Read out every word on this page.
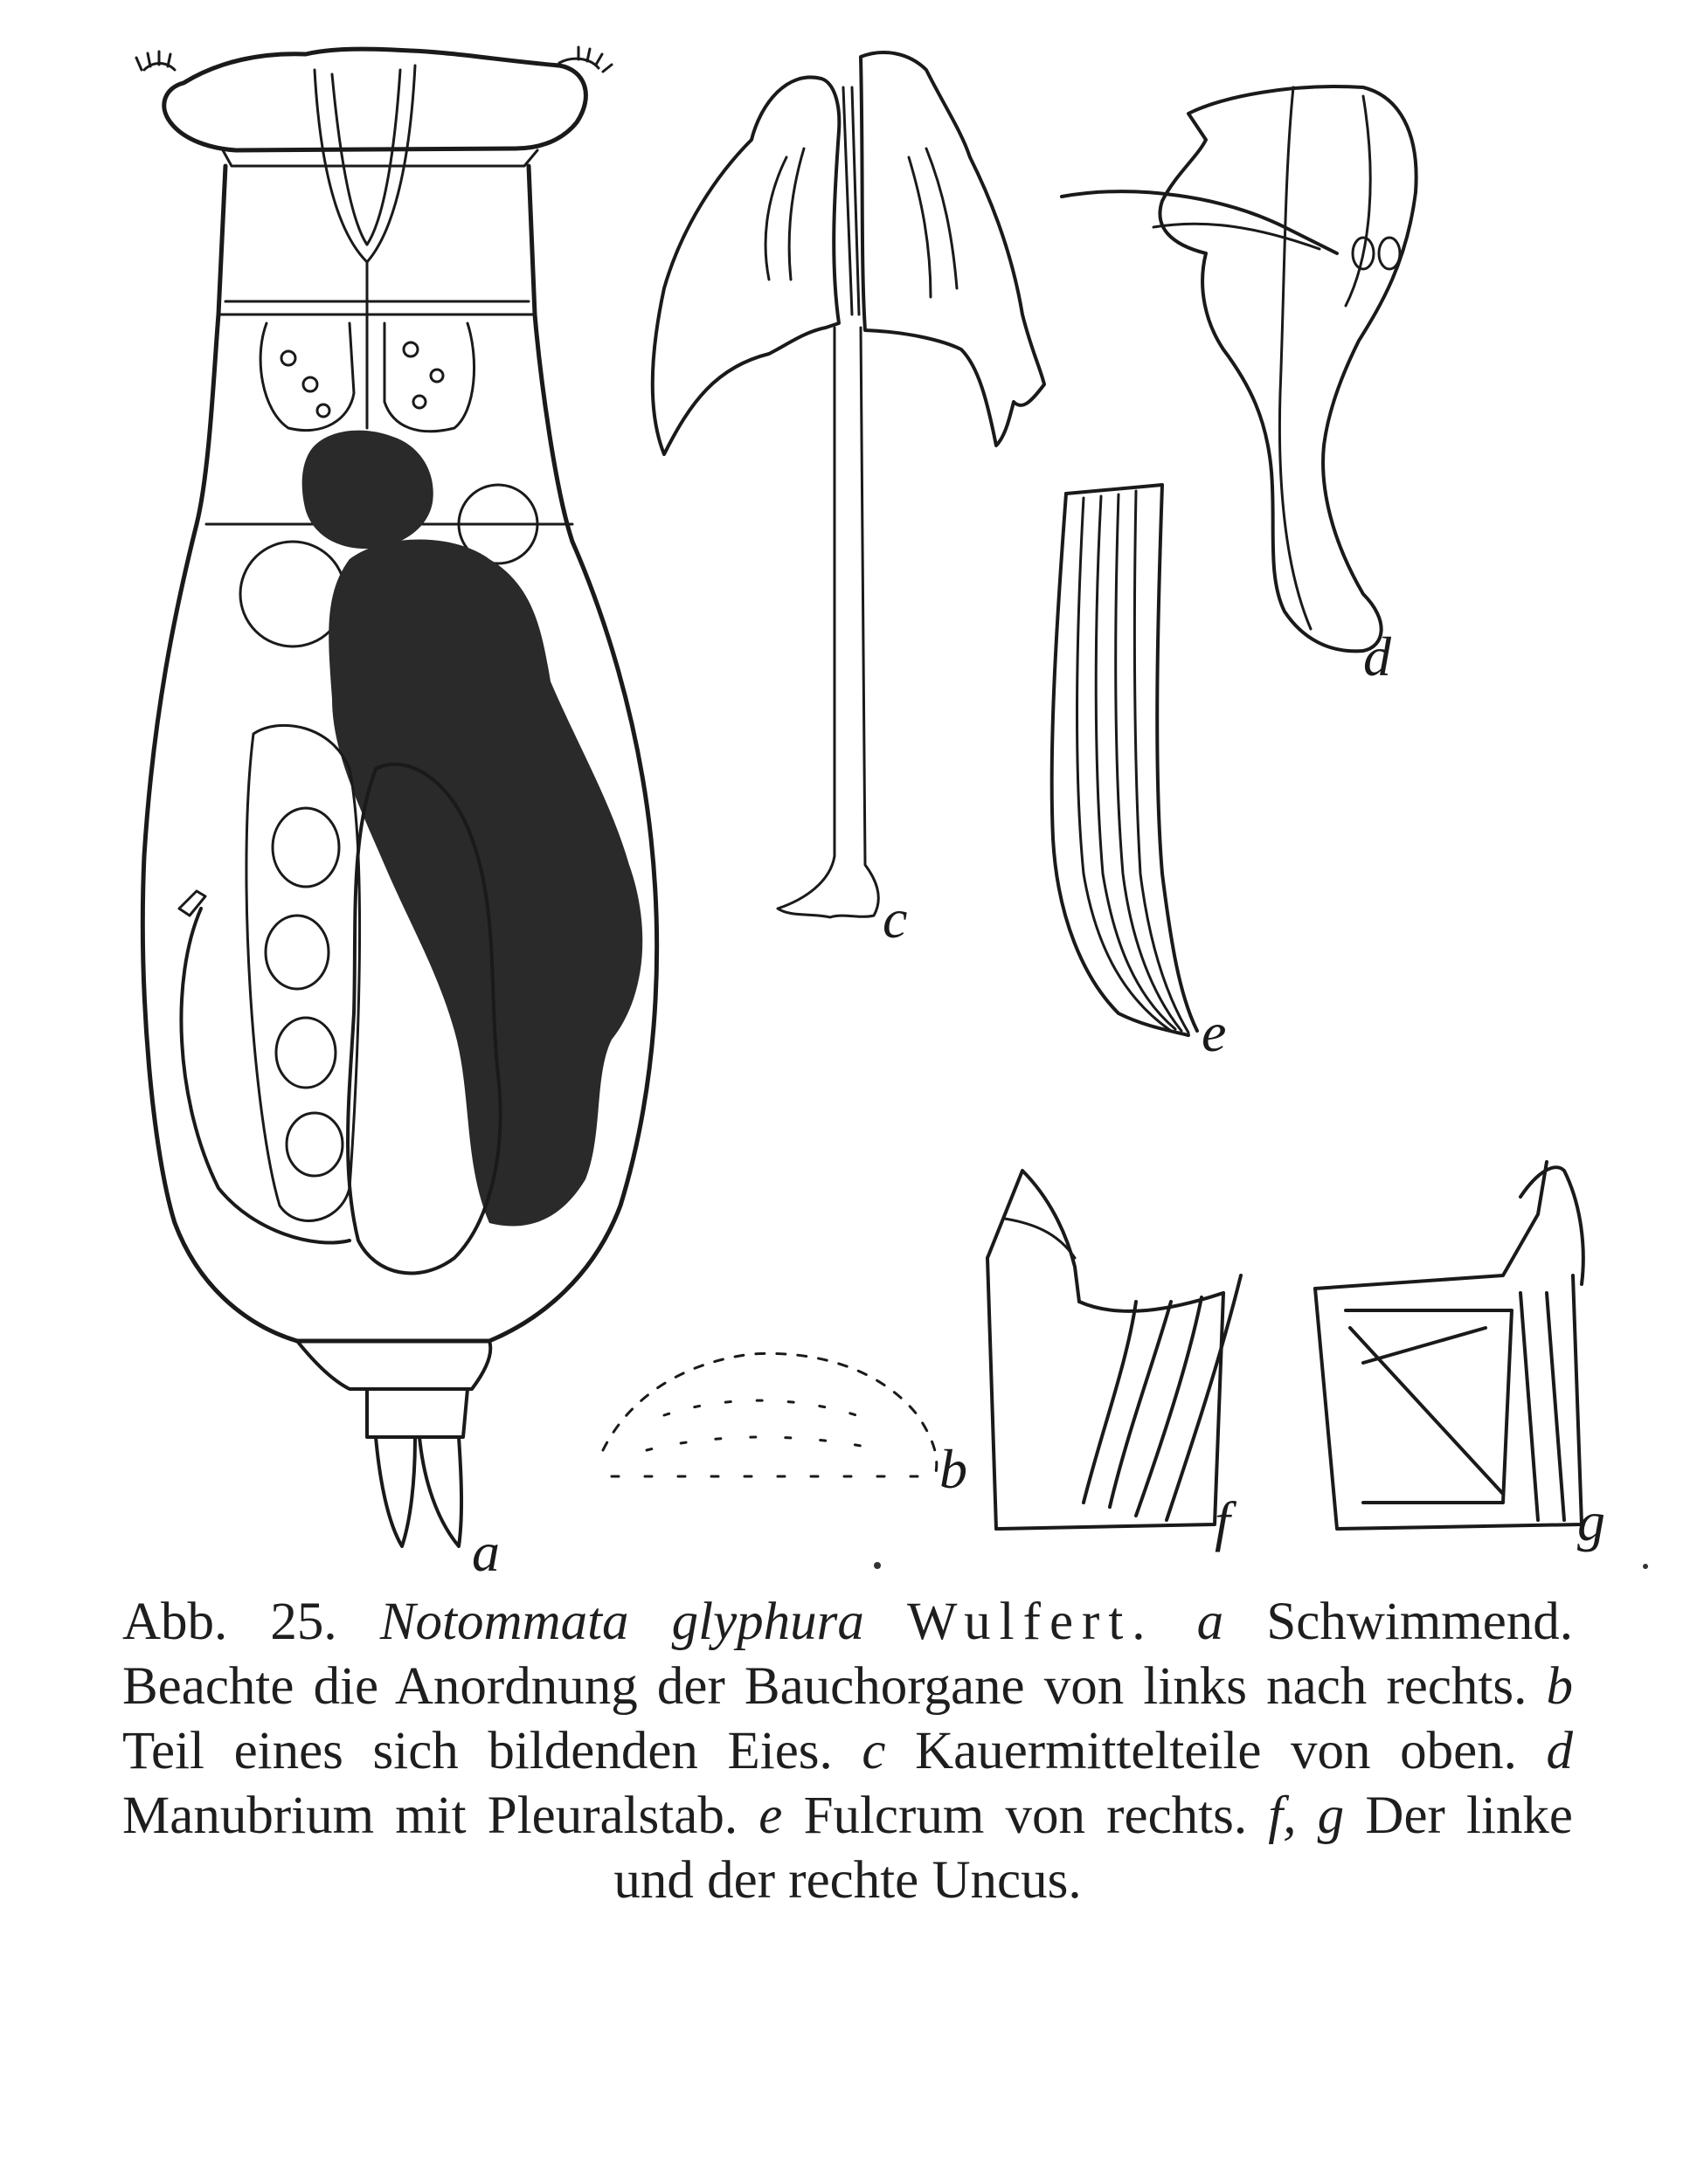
a
b
c
d
e
f	g
Abb. 25. Notommata glyphura Wulfert. a Schwimmend. Beachte die Anordnung der Bauchorgane von links nach rechts. b Teil eines sich bildenden Eies. c Kauermittelteile von oben. d Manubrium mit Pleuralstab. e Fulcrum von rechts. f, g Der linke und der rechte Uncus.
